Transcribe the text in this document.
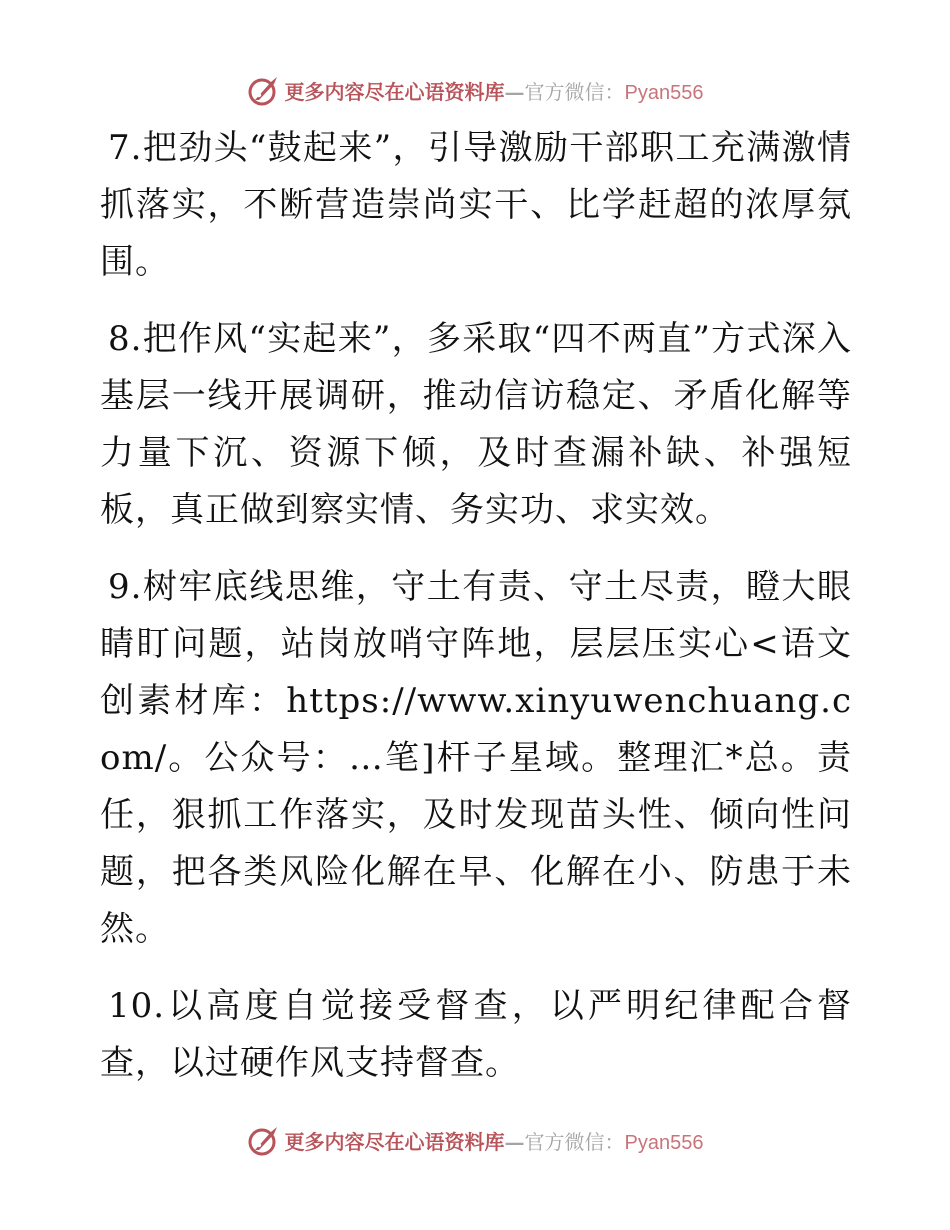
更多内容尽在心语资料库—官方微信：Pyan556

7.把劲头“鼓起来”，引导激励干部职工充满激情抓落实，不断营造崇尚实干、比学赶超的浓厚氛围。

8.把作风“实起来”，多采取“四不两直”方式深入基层一线开展调研，推动信访稳定、矛盾化解等力量下沉、资源下倾，及时查漏补缺、补强短板，真正做到察实情、务实功、求实效。

9.树牢底线思维，守土有责、守土尽责，瞪大眼睛盯问题，站岗放哨守阵地，层层压实心<语文创素材库：https://www.xinyuwenchuang.com/。公众号：…笔]杆子星域。整理汇*总。责任，狠抓工作落实，及时发现苗头性、倾向性问题，把各类风险化解在早、化解在小、防患于未然。

10.以高度自觉接受督查，以严明纪律配合督查，以过硬作风支持督查。

更多内容尽在心语资料库—官方微信：Pyan556
